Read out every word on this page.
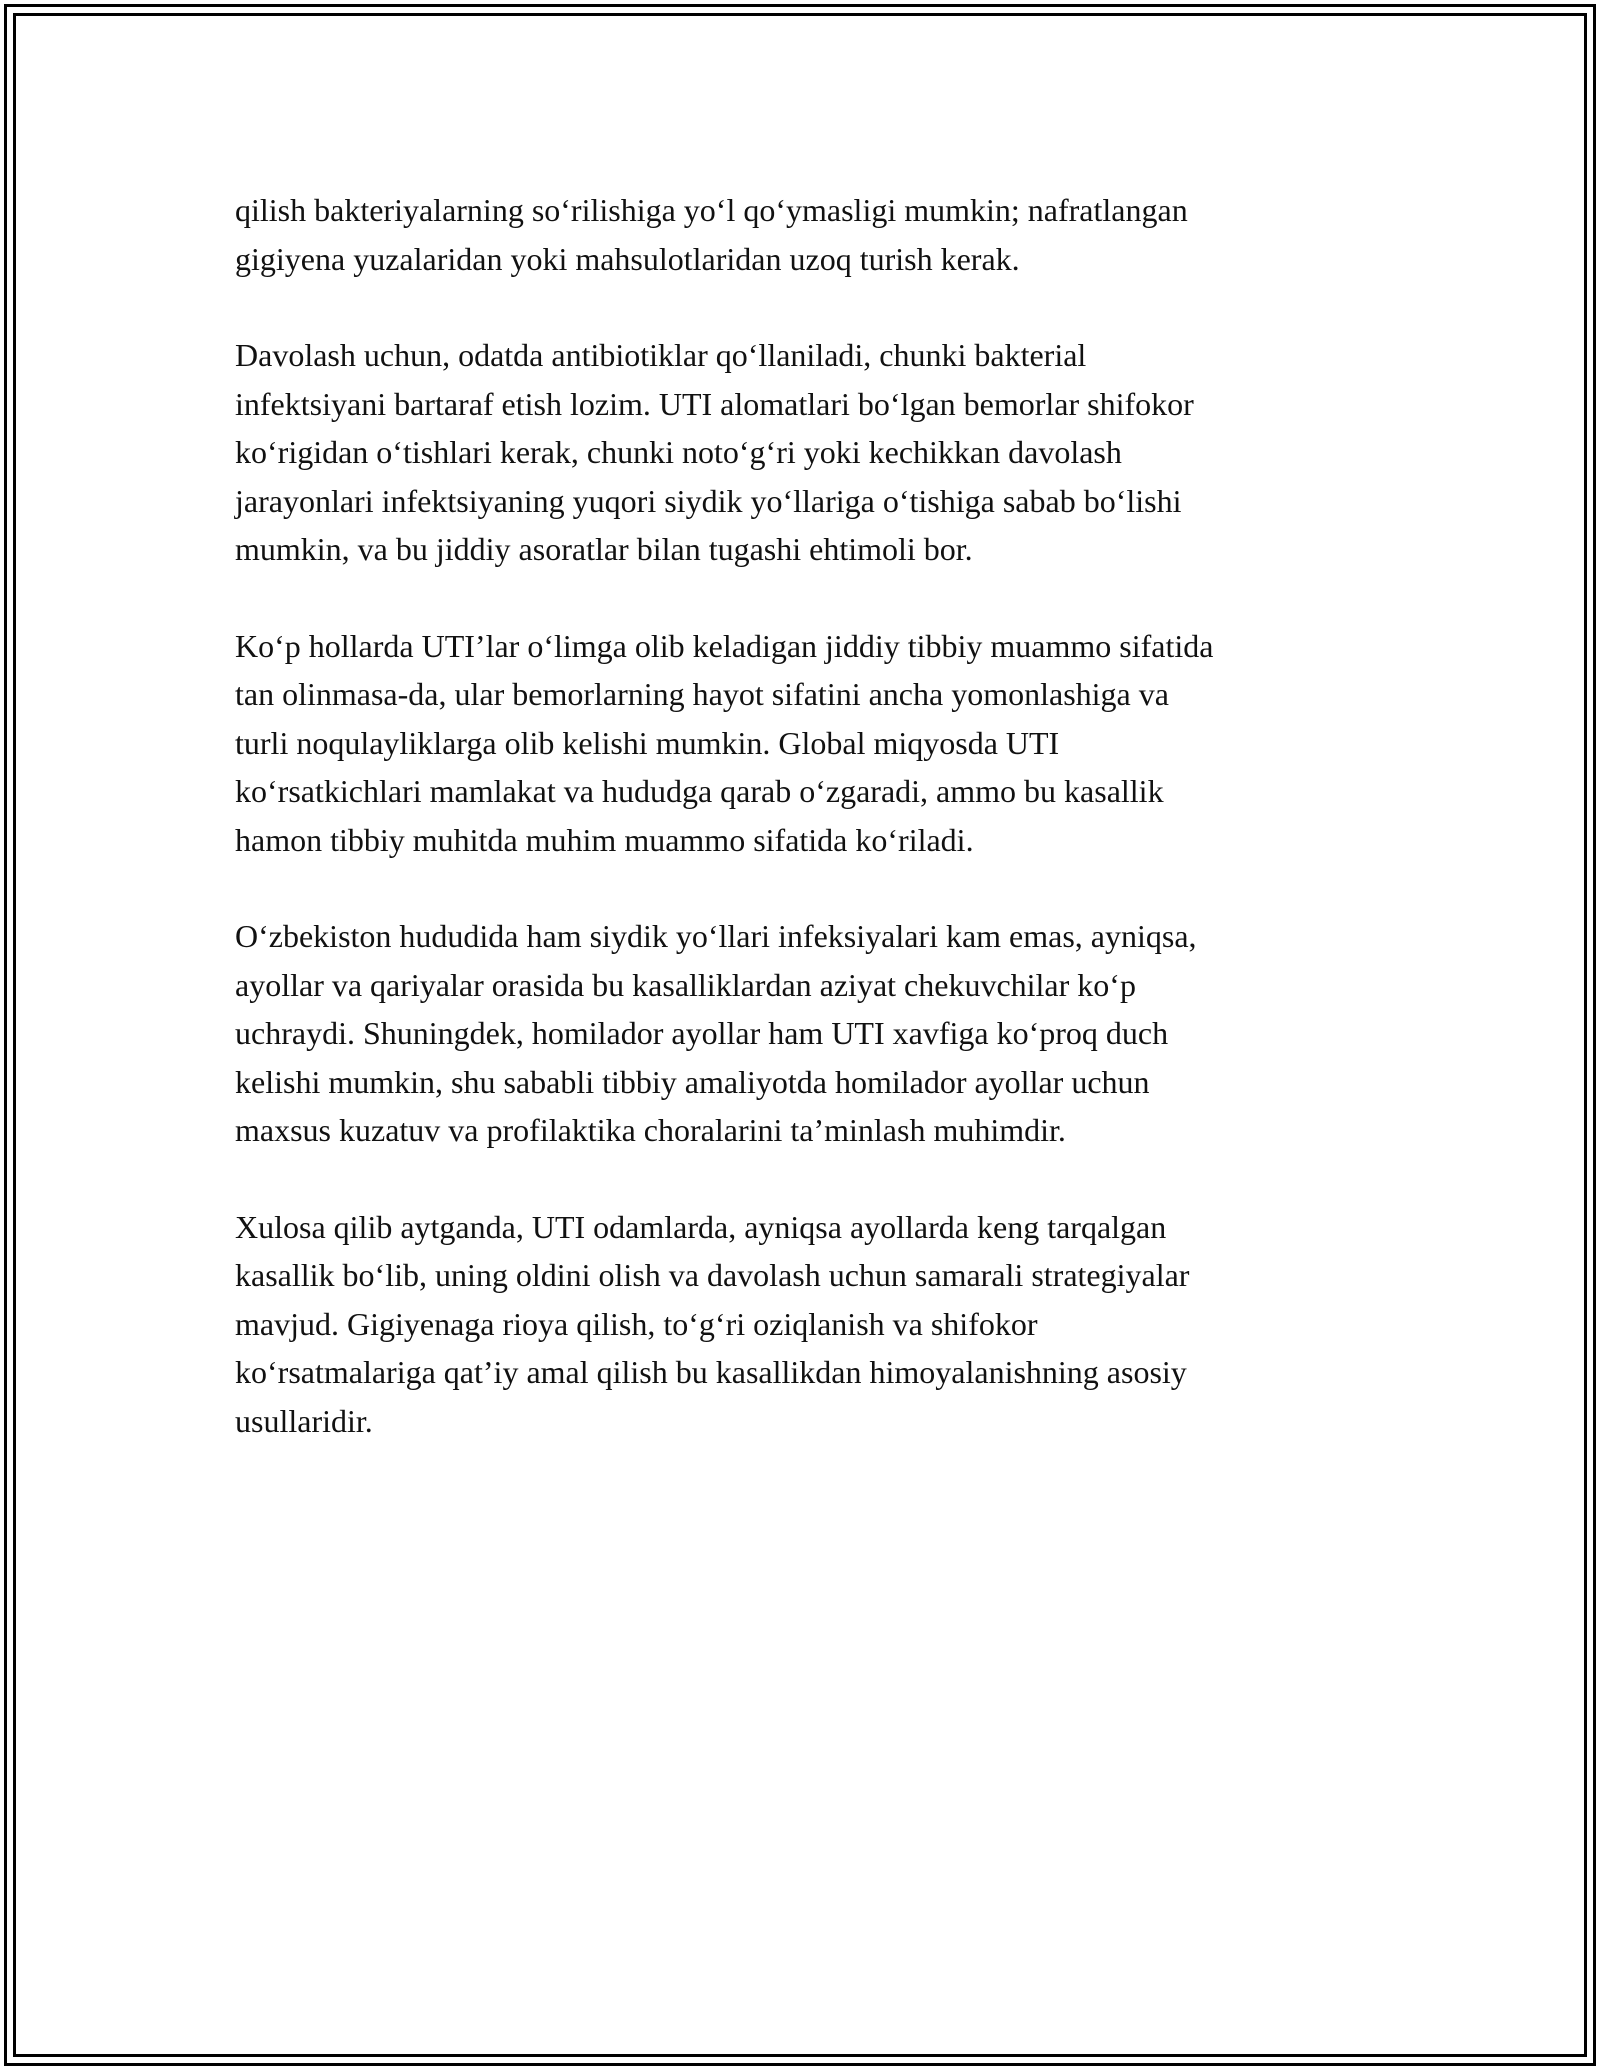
qilish bakteriyalarning so‘rilishiga yo‘l qo‘ymasligi mumkin; nafratlangan
gigiyena yuzalaridan yoki mahsulotlaridan uzoq turish kerak.

Davolash uchun, odatda antibiotiklar qo‘llaniladi, chunki bakterial
infektsiyani bartaraf etish lozim. UTI alomatlari bo‘lgan bemorlar shifokor
ko‘rigidan o‘tishlari kerak, chunki noto‘g‘ri yoki kechikkan davolash
jarayonlari infektsiyaning yuqori siydik yo‘llariga o‘tishiga sabab bo‘lishi
mumkin, va bu jiddiy asoratlar bilan tugashi ehtimoli bor.

Ko‘p hollarda UTI’lar o‘limga olib keladigan jiddiy tibbiy muammo sifatida
tan olinmasa-da, ular bemorlarning hayot sifatini ancha yomonlashiga va
turli noqulayliklarga olib kelishi mumkin. Global miqyosda UTI
ko‘rsatkichlari mamlakat va hududga qarab o‘zgaradi, ammo bu kasallik
hamon tibbiy muhitda muhim muammo sifatida ko‘riladi.

O‘zbekiston hududida ham siydik yo‘llari infeksiyalari kam emas, ayniqsa,
ayollar va qariyalar orasida bu kasalliklardan aziyat chekuvchilar ko‘p
uchraydi. Shuningdek, homilador ayollar ham UTI xavfiga ko‘proq duch
kelishi mumkin, shu sababli tibbiy amaliyotda homilador ayollar uchun
maxsus kuzatuv va profilaktika choralarini ta’minlash muhimdir.

Xulosa qilib aytganda, UTI odamlarda, ayniqsa ayollarda keng tarqalgan
kasallik bo‘lib, uning oldini olish va davolash uchun samarali strategiyalar
mavjud. Gigiyenaga rioya qilish, to‘g‘ri oziqlanish va shifokor
ko‘rsatmalariga qat’iy amal qilish bu kasallikdan himoyalanishning asosiy
usullaridir.
